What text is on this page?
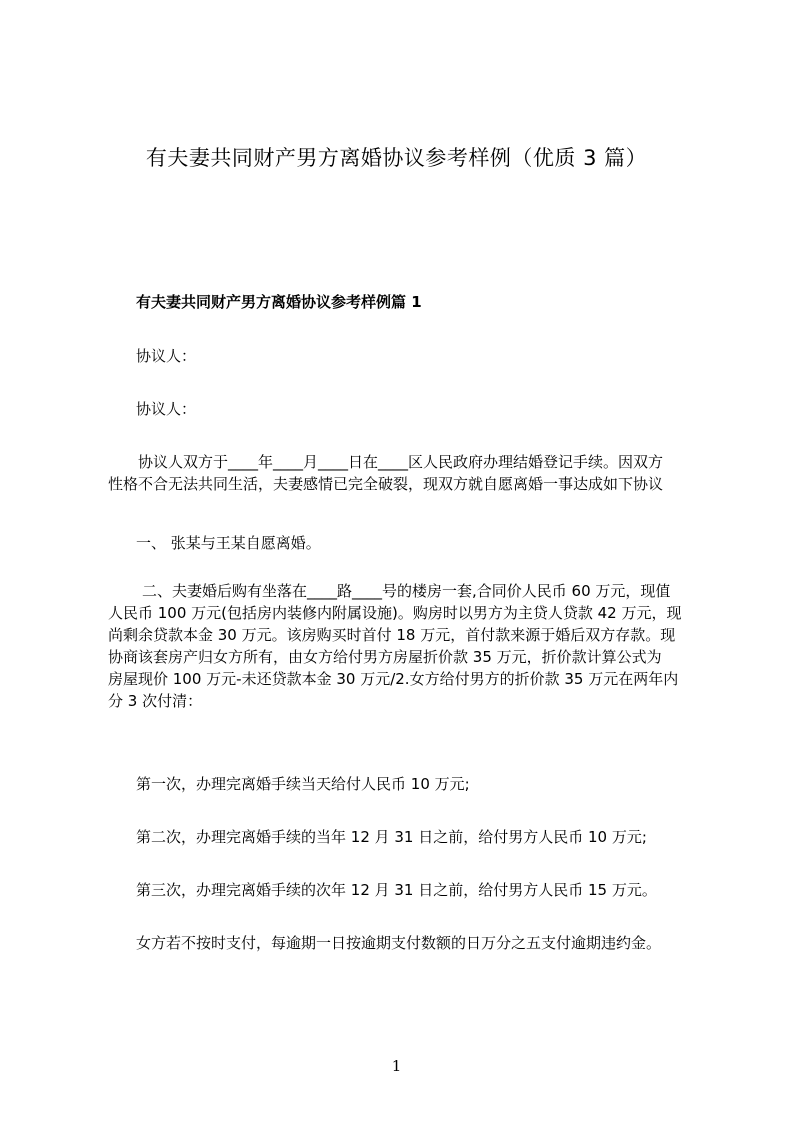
有夫妻共同财产男方离婚协议参考样例（优质 3 篇）
有夫妻共同财产男方离婚协议参考样例篇 1
协议人：
协议人：
协议人双方于____年____月____日在____区人民政府办理结婚登记手续。因双方
性格不合无法共同生活，夫妻感情已完全破裂，现双方就自愿离婚一事达成如下协议
一、 张某与王某自愿离婚。
二、夫妻婚后购有坐落在____路____号的楼房一套,合同价人民币 60 万元，现值
人民币 100 万元(包括房内装修内附属设施)。购房时以男方为主贷人贷款 42 万元，现
尚剩余贷款本金 30 万元。该房购买时首付 18 万元，首付款来源于婚后双方存款。现
协商该套房产归女方所有，由女方给付男方房屋折价款 35 万元，折价款计算公式为
房屋现价 100 万元-未还贷款本金 30 万元/2.女方给付男方的折价款 35 万元在两年内
分 3 次付清：
第一次，办理完离婚手续当天给付人民币 10 万元;
第二次，办理完离婚手续的当年 12 月 31 日之前，给付男方人民币 10 万元;
第三次，办理完离婚手续的次年 12 月 31 日之前，给付男方人民币 15 万元。
女方若不按时支付，每逾期一日按逾期支付数额的日万分之五支付逾期违约金。
1
